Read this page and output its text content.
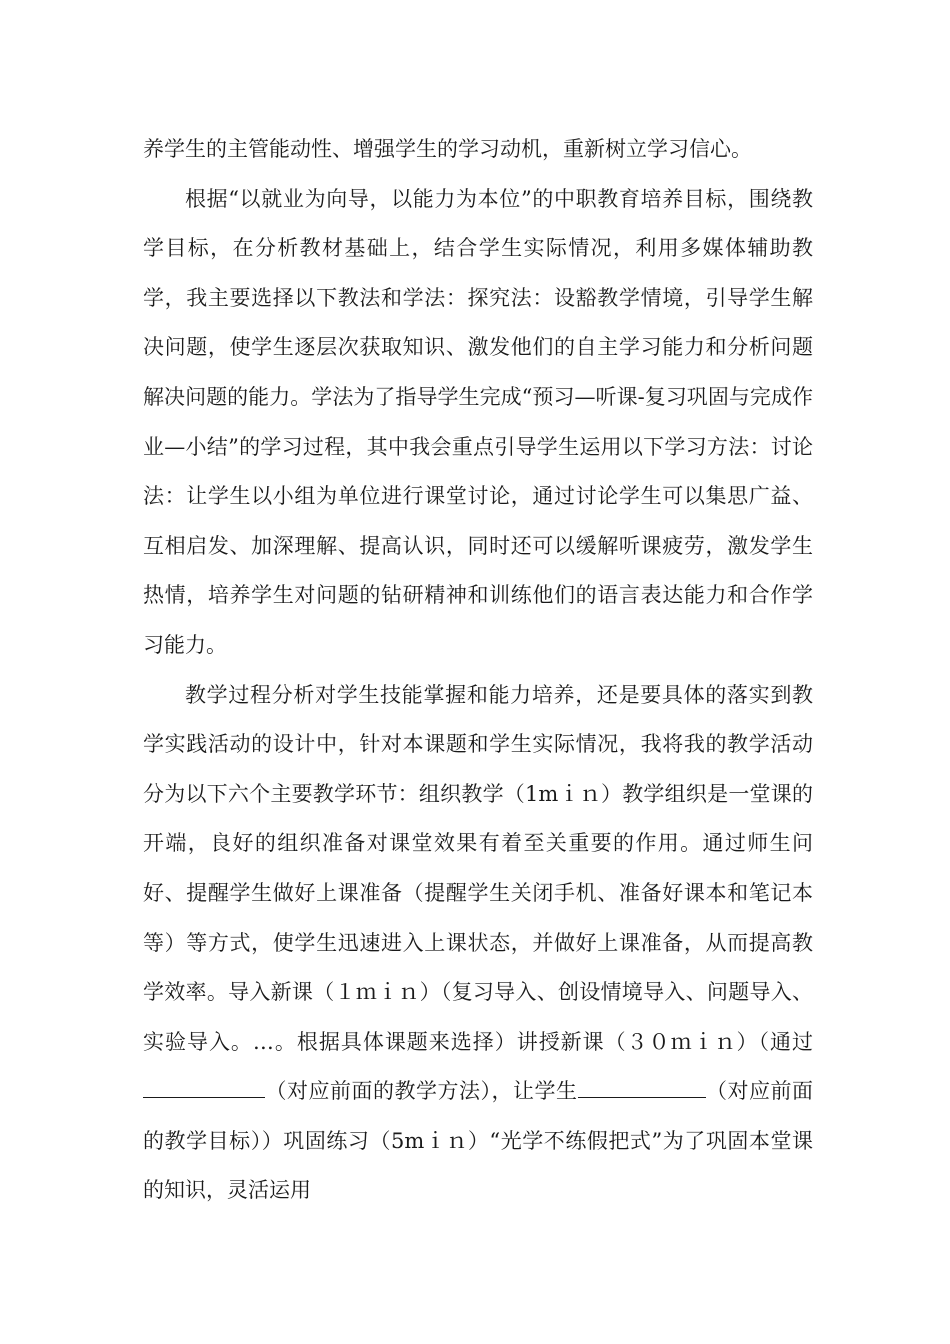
养学生的主管能动性、增强学生的学习动机，重新树立学习信心。

根据“以就业为向导，以能力为本位”的中职教育培养目标，围绕教学目标，在分析教材基础上，结合学生实际情况，利用多媒体辅助教学，我主要选择以下教法和学法：探究法：设豁教学情境，引导学生解决问题，使学生逐层次获取知识、激发他们的自主学习能力和分析问题解决问题的能力。学法为了指导学生完成“预习—听课-复习巩固与完成作业—小结”的学习过程，其中我会重点引导学生运用以下学习方法：讨论法：让学生以小组为单位进行课堂讨论，通过讨论学生可以集思广益、互相启发、加深理解、提高认识，同时还可以缓解听课疲劳，激发学生热情，培养学生对问题的钻研精神和训练他们的语言表达能力和合作学习能力。

教学过程分析对学生技能掌握和能力培养，还是要具体的落实到教学实践活动的设计中，针对本课题和学生实际情况，我将我的教学活动分为以下六个主要教学环节：组织教学（1mｉｎ）教学组织是一堂课的开端，良好的组织准备对课堂效果有着至关重要的作用。通过师生问好、提醒学生做好上课准备（提醒学生关闭手机、准备好课本和笔记本等）等方式，使学生迅速进入上课状态，并做好上课准备，从而提高教学效率。导入新课（１ｍｉｎ）（复习导入、创设情境导入、问题导入、实验导入。…。根据具体课题来选择）讲授新课（３０ｍｉｎ）（通过（对应前面的教学方法），让学生	（对应前面的教学目标））巩固练习（5mｉｎ）“光学不练假把式”为了巩固本堂课的知识，灵活运用
